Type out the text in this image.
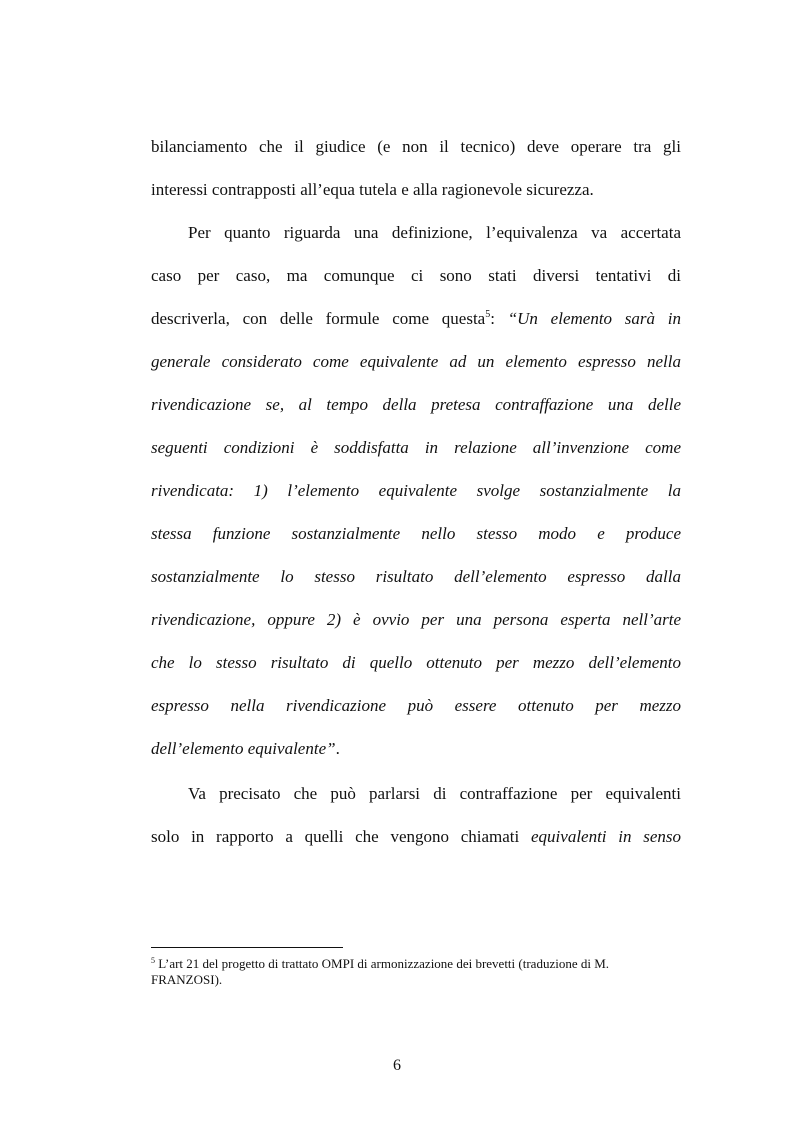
bilanciamento che il giudice (e non il tecnico) deve operare tra gli
interessi contrapposti all’equa tutela e alla ragionevole sicurezza.
Per quanto riguarda una definizione, l’equivalenza va accertata
caso per caso, ma comunque ci sono stati diversi tentativi di
descriverla, con delle formule come questa$^5$: “Un elemento sarà in
generale considerato come equivalente ad un elemento espresso nella
rivendicazione se, al tempo della pretesa contraffazione una delle
seguenti condizioni è soddisfatta in relazione all’invenzione come
rivendicata: 1) l’elemento equivalente svolge sostanzialmente la
stessa funzione sostanzialmente nello stesso modo e produce
sostanzialmente lo stesso risultato dell’elemento espresso dalla
rivendicazione, oppure 2) è ovvio per una persona esperta nell’arte
che lo stesso risultato di quello ottenuto per mezzo dell’elemento
espresso nella rivendicazione può essere ottenuto per mezzo
dell’elemento equivalente”.
Va precisato che può parlarsi di contraffazione per equivalenti
solo in rapporto a quelli che vengono chiamati equivalenti in senso
$^5$ L’art 21 del progetto di trattato OMPI di armonizzazione dei brevetti (traduzione di M.
FRANZOSI).
6
